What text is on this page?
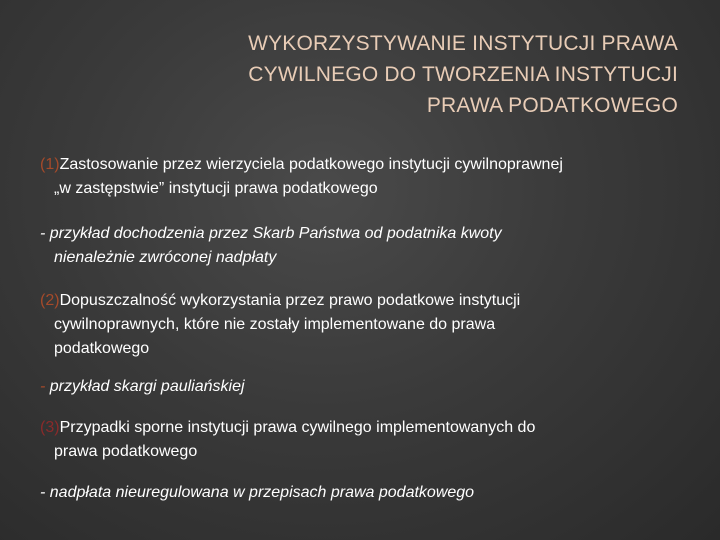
WYKORZYSTYWANIE INSTYTUCJI PRAWA
CYWILNEGO DO TWORZENIA INSTYTUCJI
PRAWA PODATKOWEGO
(1)Zastosowanie przez wierzyciela podatkowego instytucji cywilnoprawnej
„w zastępstwie” instytucji prawa podatkowego
- przykład dochodzenia przez Skarb Państwa od podatnika kwoty
nienależnie zwróconej nadpłaty
(2)Dopuszczalność wykorzystania przez prawo podatkowe instytucji
cywilnoprawnych, które nie zostały implementowane do prawa
podatkowego
- przykład skargi pauliańskiej
(3)Przypadki sporne instytucji prawa cywilnego implementowanych do
prawa podatkowego
- nadpłata nieuregulowana w przepisach prawa podatkowego
